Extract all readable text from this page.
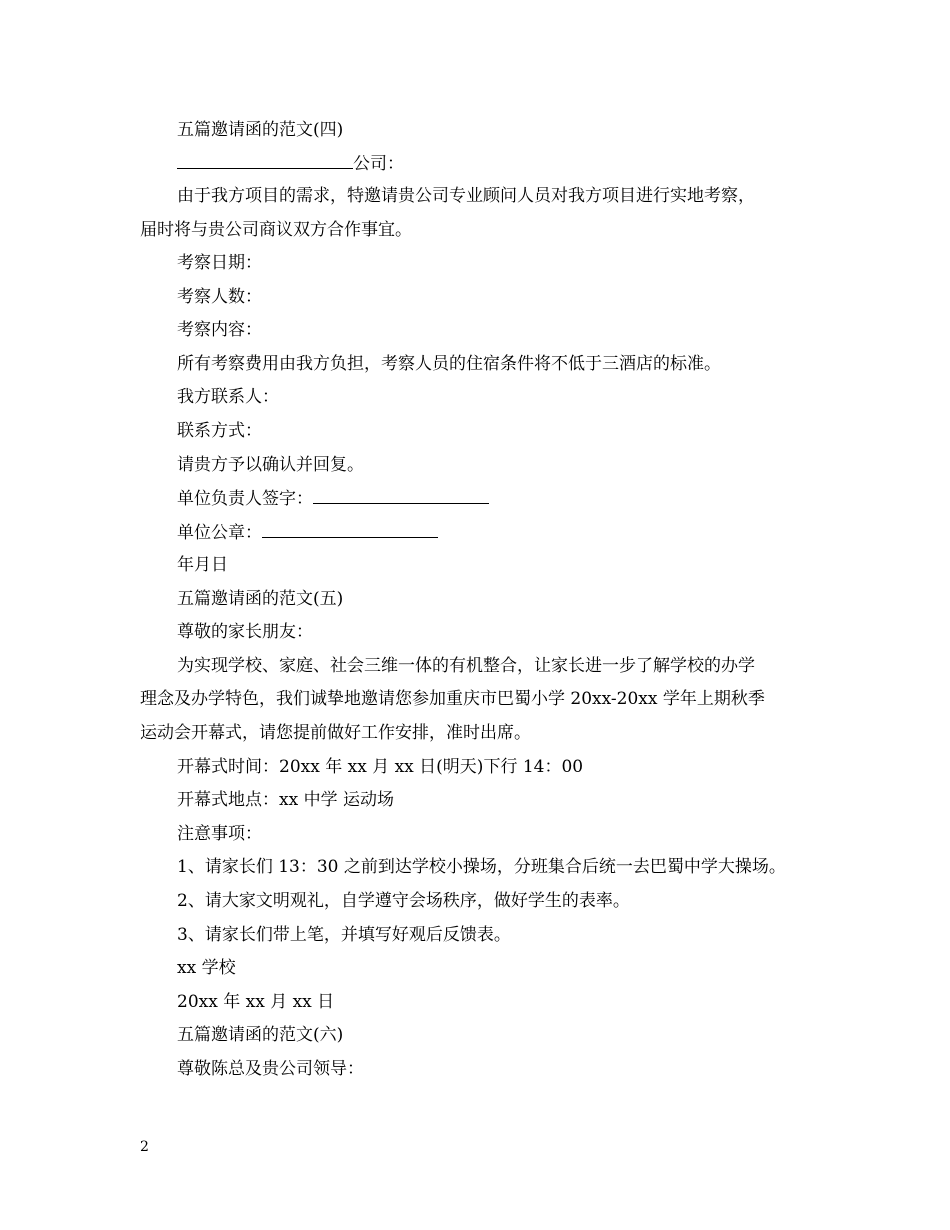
五篇邀请函的范文(四)
公司：
由于我方项目的需求，特邀请贵公司专业顾问人员对我方项目进行实地考察，
届时将与贵公司商议双方合作事宜。
考察日期：
考察人数：
考察内容：
所有考察费用由我方负担，考察人员的住宿条件将不低于三酒店的标准。
我方联系人：
联系方式：
请贵方予以确认并回复。
单位负责人签字：
单位公章：
年月日
五篇邀请函的范文(五)
尊敬的家长朋友：
为实现学校、家庭、社会三维一体的有机整合，让家长进一步了解学校的办学
理念及办学特色，我们诚挚地邀请您参加重庆市巴蜀小学 20xx-20xx 学年上期秋季
运动会开幕式，请您提前做好工作安排，准时出席。
开幕式时间：20xx 年 xx 月 xx 日(明天)下行 14：00
开幕式地点：xx 中学 运动场
注意事项：
1、请家长们 13：30 之前到达学校小操场，分班集合后统一去巴蜀中学大操场。
2、请大家文明观礼，自学遵守会场秩序，做好学生的表率。
3、请家长们带上笔，并填写好观后反馈表。
xx 学校
20xx 年 xx 月 xx 日
五篇邀请函的范文(六)
尊敬陈总及贵公司领导：
2
